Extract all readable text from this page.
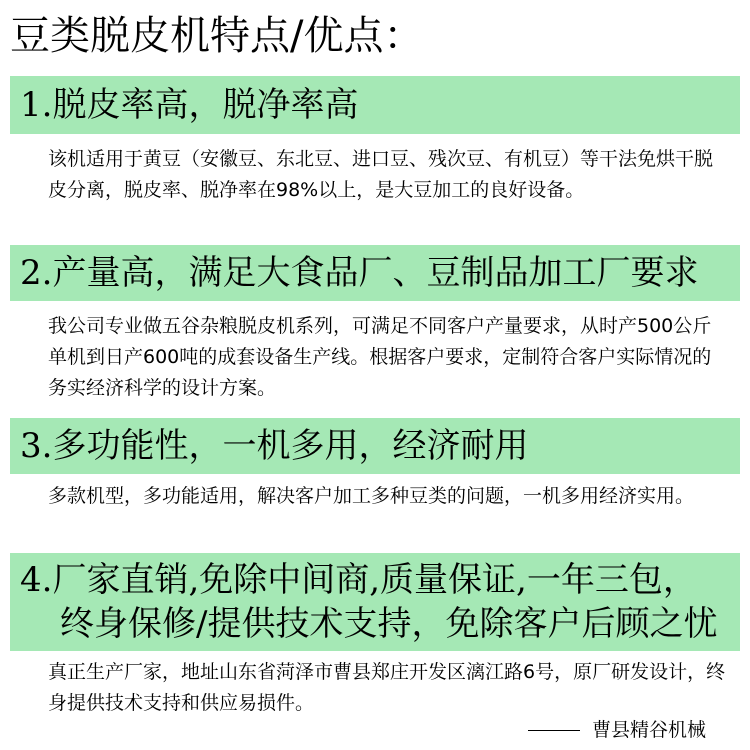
豆类脱皮机特点/优点：
1.脱皮率高，脱净率高
该机适用于黄豆（安徽豆、东北豆、进口豆、残次豆、有机豆）等干法免烘干脱皮分离，脱皮率、脱净率在98%以上，是大豆加工的良好设备。
2.产量高，满足大食品厂、豆制品加工厂要求
我公司专业做五谷杂粮脱皮机系列，可满足不同客户产量要求，从时产500公斤单机到日产600吨的成套设备生产线。根据客户要求，定制符合客户实际情况的务实经济科学的设计方案。
3.多功能性，一机多用，经济耐用
多款机型，多功能适用，解决客户加工多种豆类的问题，一机多用经济实用。
4.厂家直销,免除中间商,质量保证,一年三包，
终身保修/提供技术支持，免除客户后顾之忧
真正生产厂家，地址山东省菏泽市曹县郑庄开发区漓江路6号，原厂研发设计，终身提供技术支持和供应易损件。
曹县精谷机械
